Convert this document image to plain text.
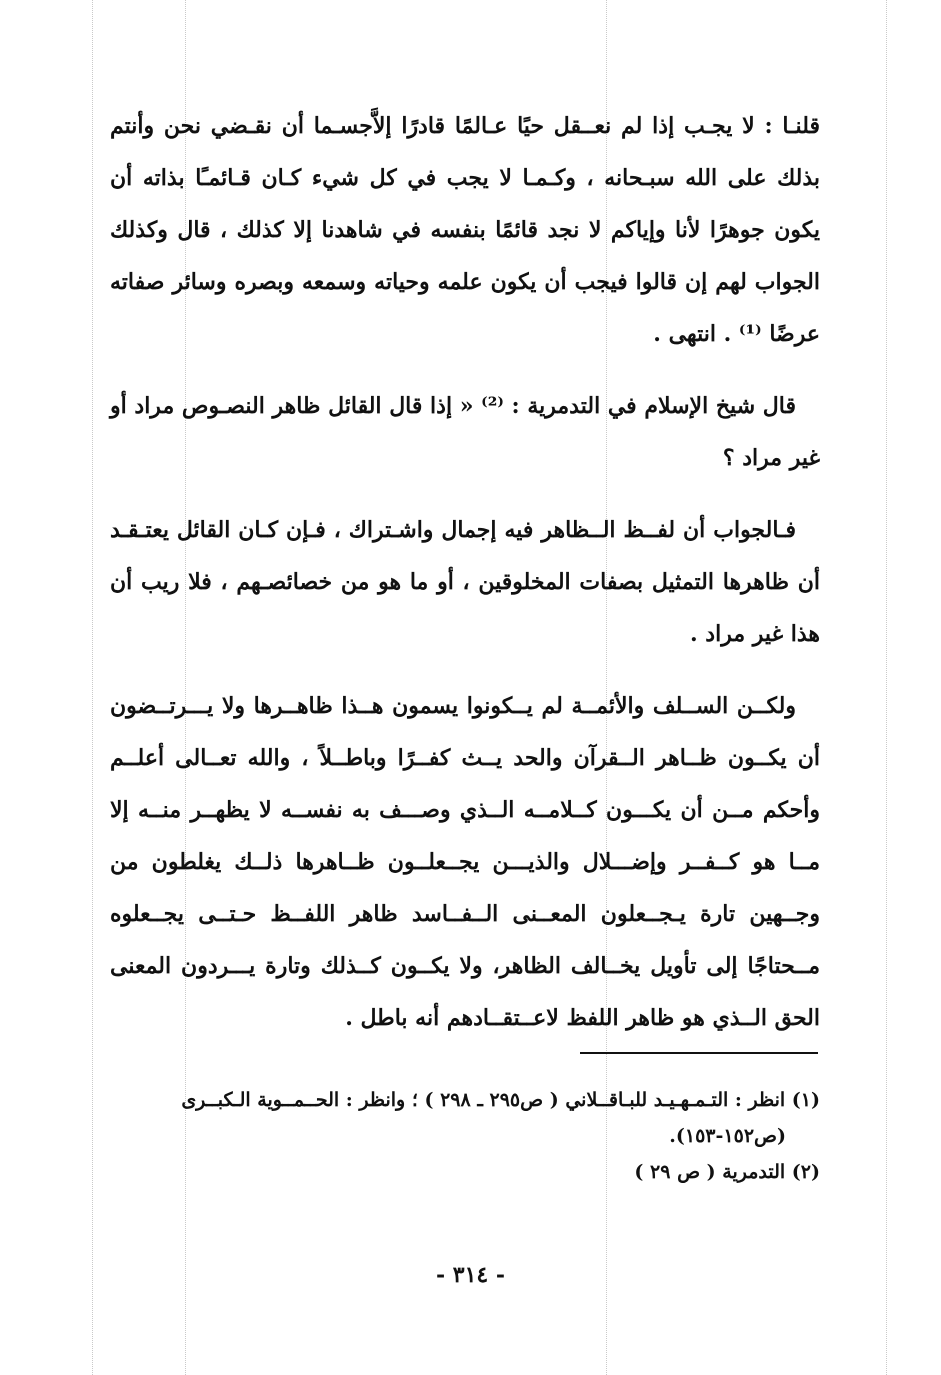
قلنـا : لا يجـب إذا لم نعــقل حيًا عـالمًا قادرًا إلاَّجسـما أن نقـضي نحن وأنتم بذلك على الله سبـحانه ، وكـمـا لا يجب في كل شيء كـان قـائمـًا بذاته أن يكون جوهرًا لأنا وإياكم لا نجد قائمًا بنفسه في شاهدنا إلا كذلك ، قال وكذلك الجواب لهم إن قالوا فيجب أن يكون علمه وحياته وسمعه وبصره وسائر صفاته عرضًا ⁽¹⁾ . انتهى .

قال شيخ الإسلام في التدمرية : ⁽²⁾ « إذا قال القائل ظاهر النصـوص مراد أو غير مراد ؟

فـالجواب أن لفــظ الــظاهر فيه إجمال واشـتراك ، فـإن كـان القائل يعتـقـد أن ظاهرها التمثيل بصفات المخلوقين ، أو ما هو من خصائصـهم ، فلا ريب أن هذا غير مراد .

ولكــن الســلف والأئمــة لم يــكونوا يسمون هــذا ظاهــرها ولا يـــرتــضون أن يكــون ظــاهر الــقرآن والحد يــث كفــرًا وباطــلاً ، والله تعــالى أعلــم وأحكم مــن أن يكـــون كــلامــه الــذي وصـــف به نفســه لا يظهــر منــه إلا مــا هو كــفــر وإضـــلال والذيـــن يجــعلــون ظــاهرها ذلــك يغلطون من وجــهين تارة يـجــعلون المعــنى الــفــاسد ظاهر اللفــظ حـتــى يجــعلوه مــحتاجًا إلى تأويل يخــالف الظاهر، ولا يكــون كــذلك وتارة يـــردون المعنى الحق الــذي هو ظاهر اللفظ لاعــتقــادهم أنه باطل .

(١) انظر : التـمـهـيـد للبـاقــلاني ( ص٢٩٥ ـ ٢٩٨ ) ؛ وانظر : الحــمــوية الـكبــرى
(ص١٥٢-١٥٣).
(٢) التدمرية ( ص ٢٩ )
- ٣١٤ -
